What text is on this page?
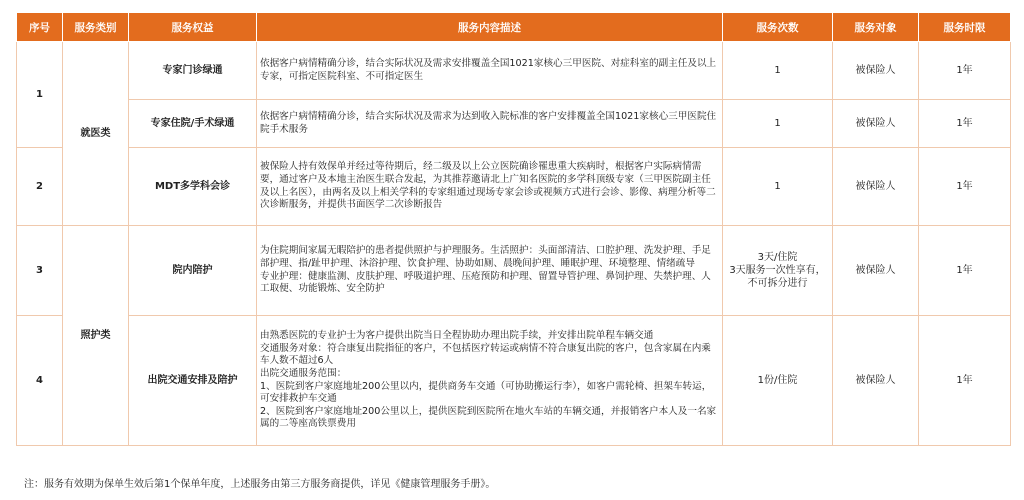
序号	服务类别	服务权益	服务内容描述	服务次数	服务对象	服务时限
1	就医类	专家门诊绿通	依据客户病情精确分诊，结合实际状况及需求安排覆盖全国1021家核心三甲医院、对症科室的副主任及以上专家，可指定医院科室、不可指定医生	1	被保险人	1年
		专家住院/手术绿通	依据客户病情精确分诊，结合实际状况及需求为达到收入院标准的客户安排覆盖全国1021家核心三甲医院住院手术服务	1	被保险人	1年
2		MDT多学科会诊	被保险人持有效保单并经过等待期后，经二级及以上公立医院确诊罹患重大疾病时，根据客户实际病情需要，通过客户及本地主治医生联合发起，为其推荐邀请北上广知名医院的多学科顶级专家（三甲医院副主任及以上名医），由两名及以上相关学科的专家组通过现场专家会诊或视频方式进行会诊、影像、病理分析等二次诊断服务，并提供书面医学二次诊断报告	1	被保险人	1年
3	照护类	院内陪护	为住院期间家属无暇陪护的患者提供照护与护理服务。生活照护：头面部清洁、口腔护理、洗发护理、手足部护理、指/趾甲护理、沐浴护理、饮食护理、协助如厕、晨晚间护理、睡眠护理、环境整理、情绪疏导
专业护理：健康监测、皮肤护理、呼吸道护理、压疮预防和护理、留置导管护理、鼻饲护理、失禁护理、人工取便、功能锻炼、安全防护	3天/住院
3天服务一次性享有，不可拆分进行	被保险人	1年
4		出院交通安排及陪护	由熟悉医院的专业护士为客户提供出院当日全程协助办理出院手续，并安排出院单程车辆交通
交通服务对象：符合康复出院指征的客户，不包括医疗转运或病情不符合康复出院的客户，包含家属在内乘车人数不超过6人
出院交通服务范围：
1、医院到客户家庭地址200公里以内，提供商务车交通（可协助搬运行李），如客户需轮椅、担架车转运，可安排救护车交通
2、医院到客户家庭地址200公里以上，提供医院到医院所在地火车站的车辆交通，并报销客户本人及一名家属的二等座高铁票费用	1份/住院	被保险人	1年
注：服务有效期为保单生效后第1个保单年度，上述服务由第三方服务商提供，详见《健康管理服务手册》。
